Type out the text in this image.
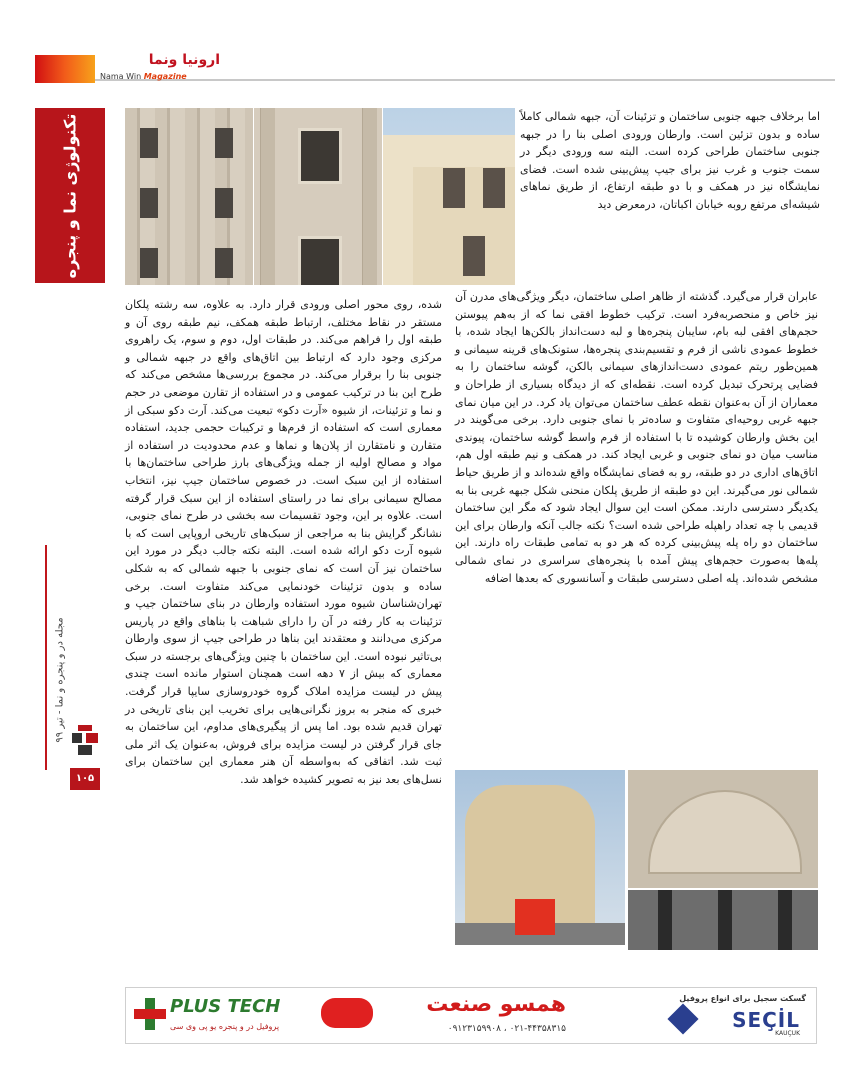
ارونیا ونما
Nama Win Magazine
تکنولوژی نما و پنجره
مجله در و پنجره و نما - تیر ۹۹
۱۰۵

اما برخلاف جبهه جنوبی ساختمان و تزئینات آن، جبهه شمالی کاملاً ساده و بدون تزئین است. وارطان ورودی اصلی بنا را در جبهه جنوبی ساختمان طراحی کرده است. البته سه ورودی دیگر در سمت جنوب و غرب نیز برای جیپ پیش‌بینی شده است. فضای نمایشگاه نیز در همکف و با دو طبقه ارتفاع، از طریق نماهای شیشه‌ای مرتفع روبه خیابان اکباتان، درمعرض دید

عابران قرار می‌گیرد. گذشته از ظاهر اصلی ساختمان، دیگر ویژگی‌های مدرن آن نیز خاص و منحصربه‌فرد است. ترکیب خطوط افقی نما که از به‌هم پیوستن حجم‌های افقی لبه بام، سایبان پنجره‌ها و لبه دست‌انداز بالکن‌ها ایجاد شده، با خطوط عمودی ناشی از فرم و تقسیم‌بندی پنجره‌ها، ستونک‌های قرینه سیمانی و همین‌طور ریتم عمودی دست‌اندازهای سیمانی بالکن، گوشه ساختمان را به فضایی پرتحرک تبدیل کرده است. نقطه‌ای که از دیدگاه بسیاری از طراحان و معماران از آن به‌عنوان نقطه عطف ساختمان می‌توان یاد کرد. در این میان نمای جبهه غربی روحیه‌ای متفاوت و ساده‌تر با نمای جنوبی دارد. برخی می‌گویند در این بخش وارطان کوشیده تا با استفاده از فرم واسط گوشه ساختمان، پیوندی مناسب میان دو نمای جنوبی و غربی ایجاد کند. در همکف و نیم طبقه اول هم، اتاق‌های اداری در دو طبقه، رو به فضای نمایشگاه واقع شده‌اند و از طریق حیاط شمالی نور می‌گیرند. این دو طبقه از طریق پلکان منحنی شکل جبهه غربی بنا به یکدیگر دسترسی دارند. ممکن است این سوال ایجاد شود که مگر این ساختمان قدیمی با چه تعداد راهپله طراحی شده است؟ نکته جالب آنکه وارطان برای این ساختمان دو راه پله پیش‌بینی کرده که هر دو به تمامی طبقات راه دارند. این پله‌ها به‌صورت حجم‌های پیش آمده با پنجره‌های سراسری در نمای شمالی مشخص شده‌اند. پله اصلی دسترسی طبقات و آسانسوری که بعدها اضافه

شده، روی محور اصلی ورودی قرار دارد. به علاوه، سه رشته پلکان مستقر در نقاط مختلف، ارتباط طبقه همکف، نیم طبقه روی آن و طبقه اول را فراهم می‌کند. در طبقات اول، دوم و سوم، یک راهروی مرکزی وجود دارد که ارتباط بین اتاق‌های واقع در جبهه شمالی و جنوبی بنا را برقرار می‌کند. در مجموع بررسی‌ها مشخص می‌کند که طرح این بنا در ترکیب عمومی و در استفاده از تقارن موضعی در حجم و نما و تزئینات، از شیوه «آرت دکو» تبعیت می‌کند. آرت دکو سبکی از معماری است که استفاده از فرم‌ها و ترکیبات حجمی جدید، استفاده متقارن و نامتقارن از پلان‌ها و نماها و عدم محدودیت در استفاده از مواد و مصالح اولیه از جمله ویژگی‌های بارز طراحی ساختمان‌ها با استفاده از این سبک است. در خصوص ساختمان جیپ نیز، انتخاب مصالح سیمانی برای نما در راستای استفاده از این سبک قرار گرفته است. علاوه بر این، وجود تقسیمات سه بخشی در طرح نمای جنوبی، نشانگر گرایش بنا به مراجعی از سبک‌های تاریخی اروپایی است که با شیوه آرت دکو ارائه شده است. البته نکته جالب دیگر در مورد این ساختمان نیز آن است که نمای جنوبی با جبهه شمالی که به شکلی ساده و بدون تزئینات خودنمایی می‌کند متفاوت است. برخی تهران‌شناسان شیوه مورد استفاده وارطان در بنای ساختمان جیپ و تزئینات به کار رفته در آن را دارای شباهت با بناهای واقع در پاریس مرکزی می‌دانند و معتقدند این بناها در طراحی جیپ از سوی وارطان بی‌تاثیر نبوده است. این ساختمان با چنین ویژگی‌های برجسته در سبک معماری که بیش از ۷ دهه است همچنان استوار مانده است چندی پیش در لیست مزایده املاک گروه خودروسازی سایپا قرار گرفت. خبری که منجر به بروز نگرانی‌هایی برای تخریب این بنای تاریخی در تهران قدیم شده بود. اما پس از پیگیری‌های مداوم، این ساختمان به جای قرار گرفتن در لیست مزایده برای فروش، به‌عنوان یک اثر ملی ثبت شد. اتفاقی که به‌واسطه آن هنر معماری این ساختمان برای نسل‌های بعد نیز به تصویر کشیده خواهد شد.

PLUS TECH
پروفیل در و پنجره یو پی وی سی
همسو صنعت
۰۲۱-۴۴۳۵۸۳۱۵ ، ۰۹۱۲۳۱۵۹۹۰۸
گسکت سجیل برای انواع پروفیل
SEÇİL
KAUÇUK
